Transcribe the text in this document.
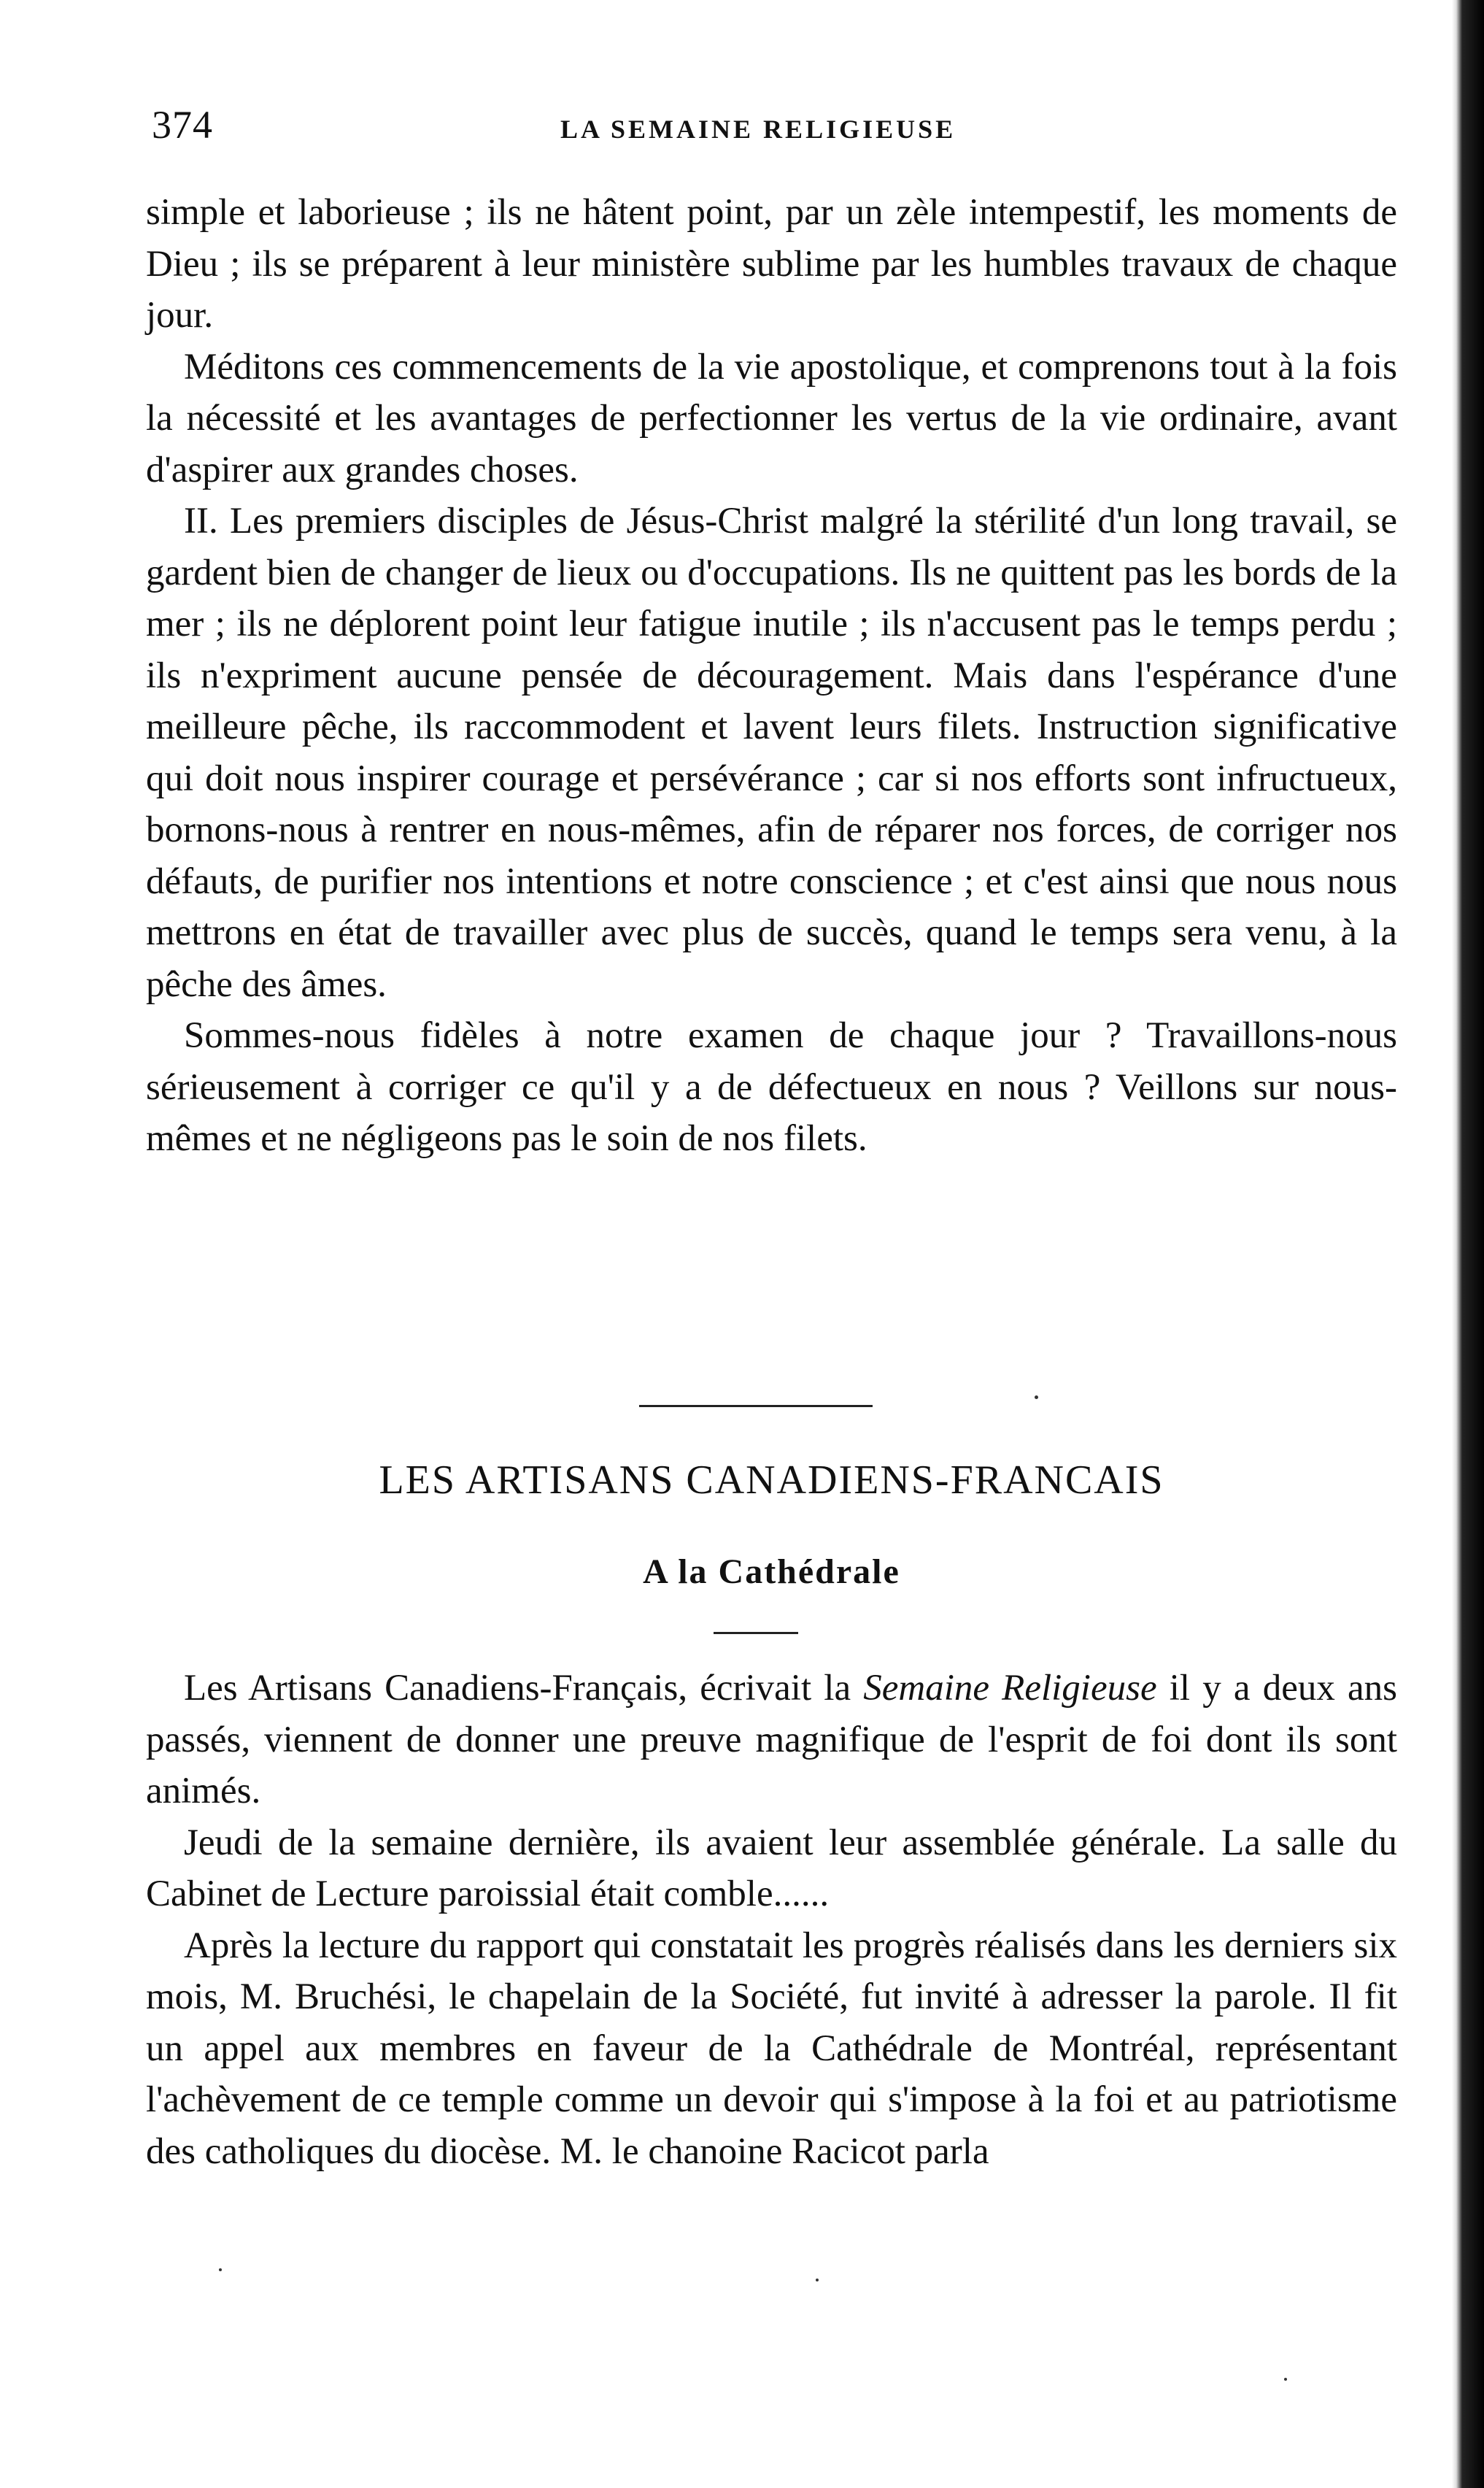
374	LA SEMAINE RELIGIEUSE

simple et laborieuse ; ils ne hâtent point, par un zèle intempestif, les moments de Dieu ; ils se préparent à leur ministère sublime par les humbles travaux de chaque jour.

Méditons ces commencements de la vie apostolique, et comprenons tout à la fois la nécessité et les avantages de perfectionner les vertus de la vie ordinaire, avant d'aspirer aux grandes choses.

II. Les premiers disciples de Jésus-Christ malgré la stérilité d'un long travail, se gardent bien de changer de lieux ou d'occupations. Ils ne quittent pas les bords de la mer ; ils ne déplorent point leur fatigue inutile ; ils n'accusent pas le temps perdu ; ils n'expriment aucune pensée de découragement. Mais dans l'espérance d'une meilleure pêche, ils raccommodent et lavent leurs filets. Instruction significative qui doit nous inspirer courage et persévérance ; car si nos efforts sont infructueux, bornons-nous à rentrer en nous-mêmes, afin de réparer nos forces, de corriger nos défauts, de purifier nos intentions et notre conscience ; et c'est ainsi que nous nous mettrons en état de travailler avec plus de succès, quand le temps sera venu, à la pêche des âmes.

Sommes-nous fidèles à notre examen de chaque jour ? Travaillons-nous sérieusement à corriger ce qu'il y a de défectueux en nous ? Veillons sur nous-mêmes et ne négligeons pas le soin de nos filets.

LES ARTISANS CANADIENS-FRANCAIS
A la Cathédrale

Les Artisans Canadiens-Français, écrivait la Semaine Religieuse il y a deux ans passés, viennent de donner une preuve magnifique de l'esprit de foi dont ils sont animés.

Jeudi de la semaine dernière, ils avaient leur assemblée générale. La salle du Cabinet de Lecture paroissial était comble......

Après la lecture du rapport qui constatait les progrès réalisés dans les derniers six mois, M. Bruchési, le chapelain de la Société, fut invité à adresser la parole. Il fit un appel aux membres en faveur de la Cathédrale de Montréal, représentant l'achèvement de ce temple comme un devoir qui s'impose à la foi et au patriotisme des catholiques du diocèse. M. le chanoine Racicot parla
